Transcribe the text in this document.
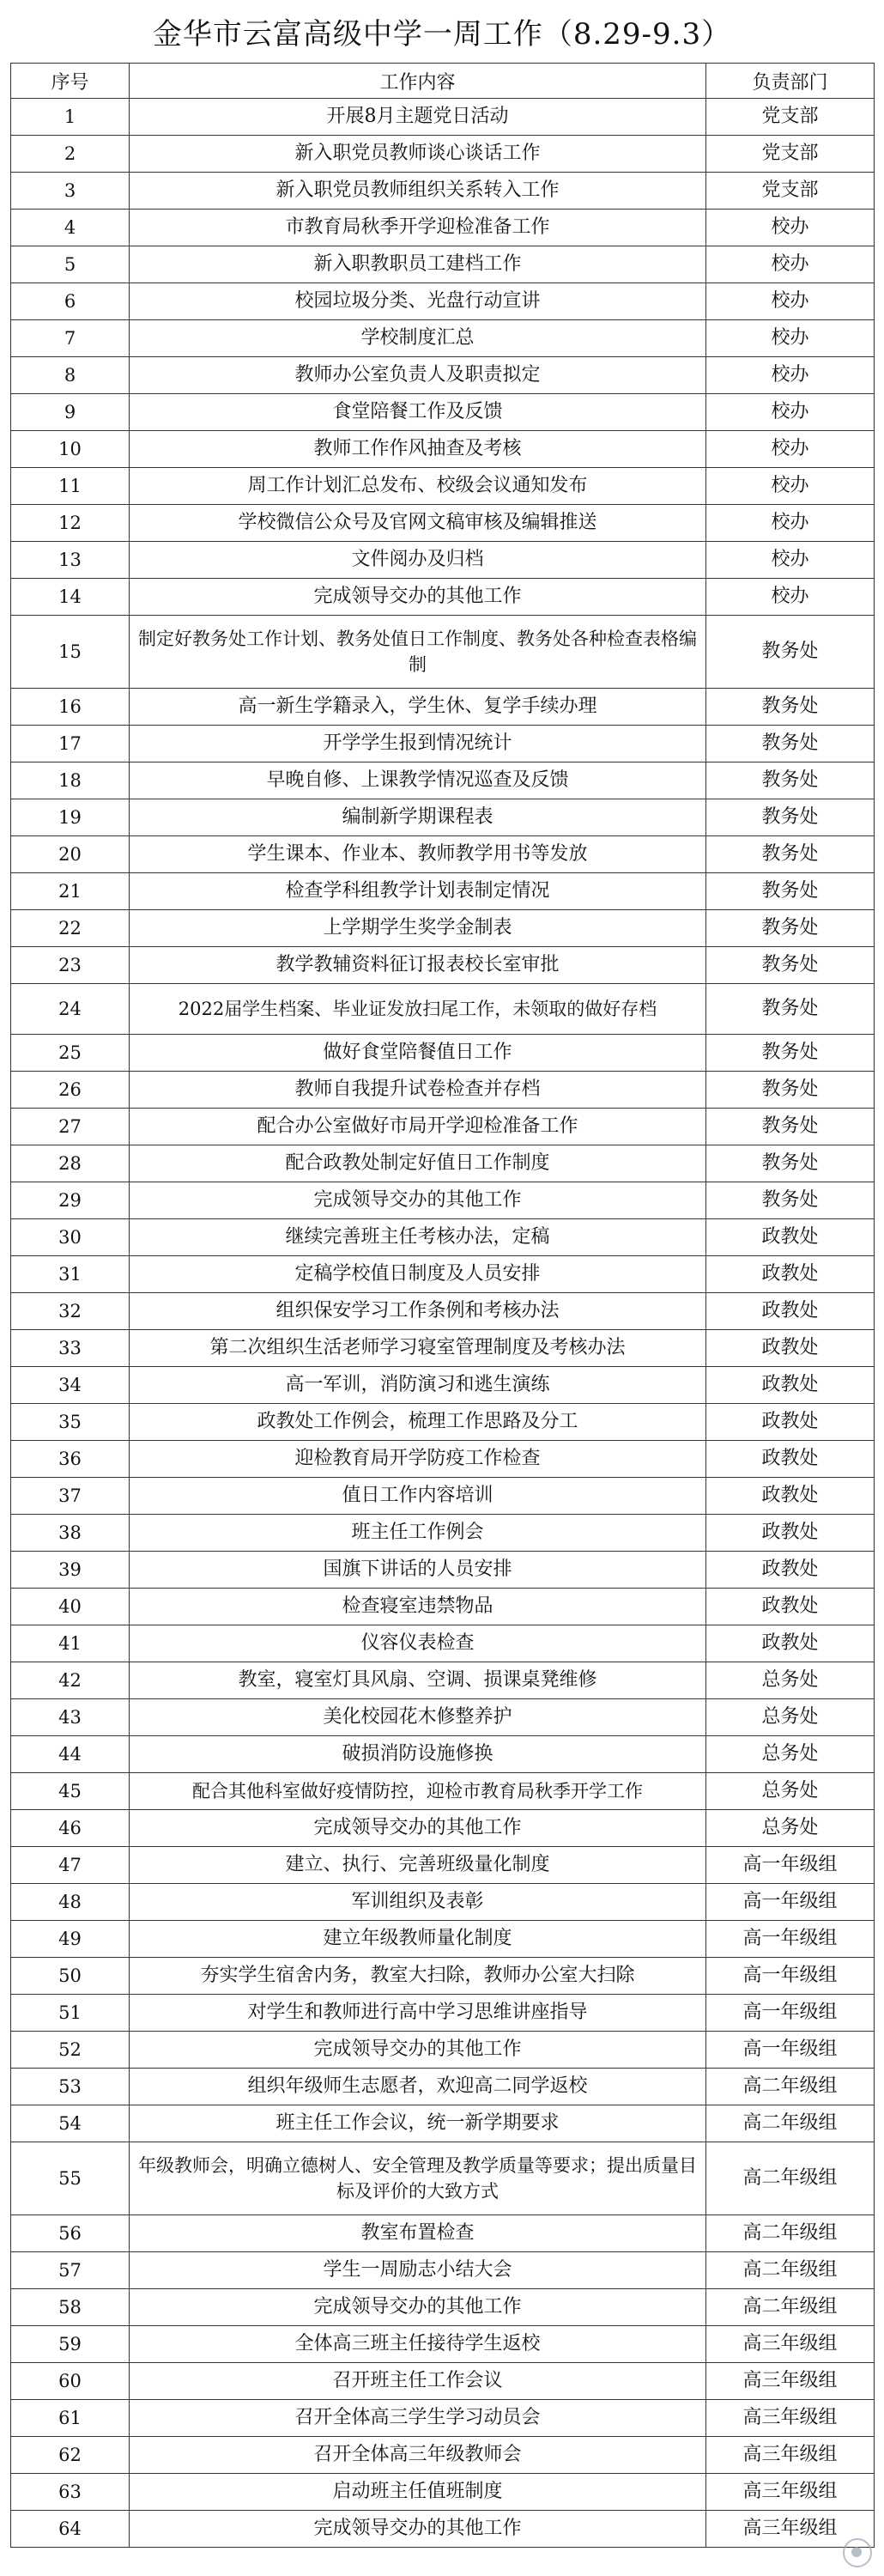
金华市云富高级中学一周工作（8.29-9.3）
序号	工作内容	负责部门
1	开展8月主题党日活动	党支部
2	新入职党员教师谈心谈话工作	党支部
3	新入职党员教师组织关系转入工作	党支部
4	市教育局秋季开学迎检准备工作	校办
5	新入职教职员工建档工作	校办
6	校园垃圾分类、光盘行动宣讲	校办
7	学校制度汇总	校办
8	教师办公室负责人及职责拟定	校办
9	食堂陪餐工作及反馈	校办
10	教师工作作风抽查及考核	校办
11	周工作计划汇总发布、校级会议通知发布	校办
12	学校微信公众号及官网文稿审核及编辑推送	校办
13	文件阅办及归档	校办
14	完成领导交办的其他工作	校办
15	制定好教务处工作计划、教务处值日工作制度、教务处各种检查表格编制	教务处
16	高一新生学籍录入，学生休、复学手续办理	教务处
17	开学学生报到情况统计	教务处
18	早晚自修、上课教学情况巡查及反馈	教务处
19	编制新学期课程表	教务处
20	学生课本、作业本、教师教学用书等发放	教务处
21	检查学科组教学计划表制定情况	教务处
22	上学期学生奖学金制表	教务处
23	教学教辅资料征订报表校长室审批	教务处
24	2022届学生档案、毕业证发放扫尾工作，未领取的做好存档	教务处
25	做好食堂陪餐值日工作	教务处
26	教师自我提升试卷检查并存档	教务处
27	配合办公室做好市局开学迎检准备工作	教务处
28	配合政教处制定好值日工作制度	教务处
29	完成领导交办的其他工作	教务处
30	继续完善班主任考核办法，定稿	政教处
31	定稿学校值日制度及人员安排	政教处
32	组织保安学习工作条例和考核办法	政教处
33	第二次组织生活老师学习寝室管理制度及考核办法	政教处
34	高一军训，消防演习和逃生演练	政教处
35	政教处工作例会，梳理工作思路及分工	政教处
36	迎检教育局开学防疫工作检查	政教处
37	值日工作内容培训	政教处
38	班主任工作例会	政教处
39	国旗下讲话的人员安排	政教处
40	检查寝室违禁物品	政教处
41	仪容仪表检查	政教处
42	教室，寝室灯具风扇、空调、损课桌凳维修	总务处
43	美化校园花木修整养护	总务处
44	破损消防设施修换	总务处
45	配合其他科室做好疫情防控，迎检市教育局秋季开学工作	总务处
46	完成领导交办的其他工作	总务处
47	建立、执行、完善班级量化制度	高一年级组
48	军训组织及表彰	高一年级组
49	建立年级教师量化制度	高一年级组
50	夯实学生宿舍内务，教室大扫除，教师办公室大扫除	高一年级组
51	对学生和教师进行高中学习思维讲座指导	高一年级组
52	完成领导交办的其他工作	高一年级组
53	组织年级师生志愿者，欢迎高二同学返校	高二年级组
54	班主任工作会议，统一新学期要求	高二年级组
55	年级教师会，明确立德树人、安全管理及教学质量等要求；提出质量目标及评价的大致方式	高二年级组
56	教室布置检查	高二年级组
57	学生一周励志小结大会	高二年级组
58	完成领导交办的其他工作	高二年级组
59	全体高三班主任接待学生返校	高三年级组
60	召开班主任工作会议	高三年级组
61	召开全体高三学生学习动员会	高三年级组
62	召开全体高三年级教师会	高三年级组
63	启动班主任值班制度	高三年级组
64	完成领导交办的其他工作	高三年级组
